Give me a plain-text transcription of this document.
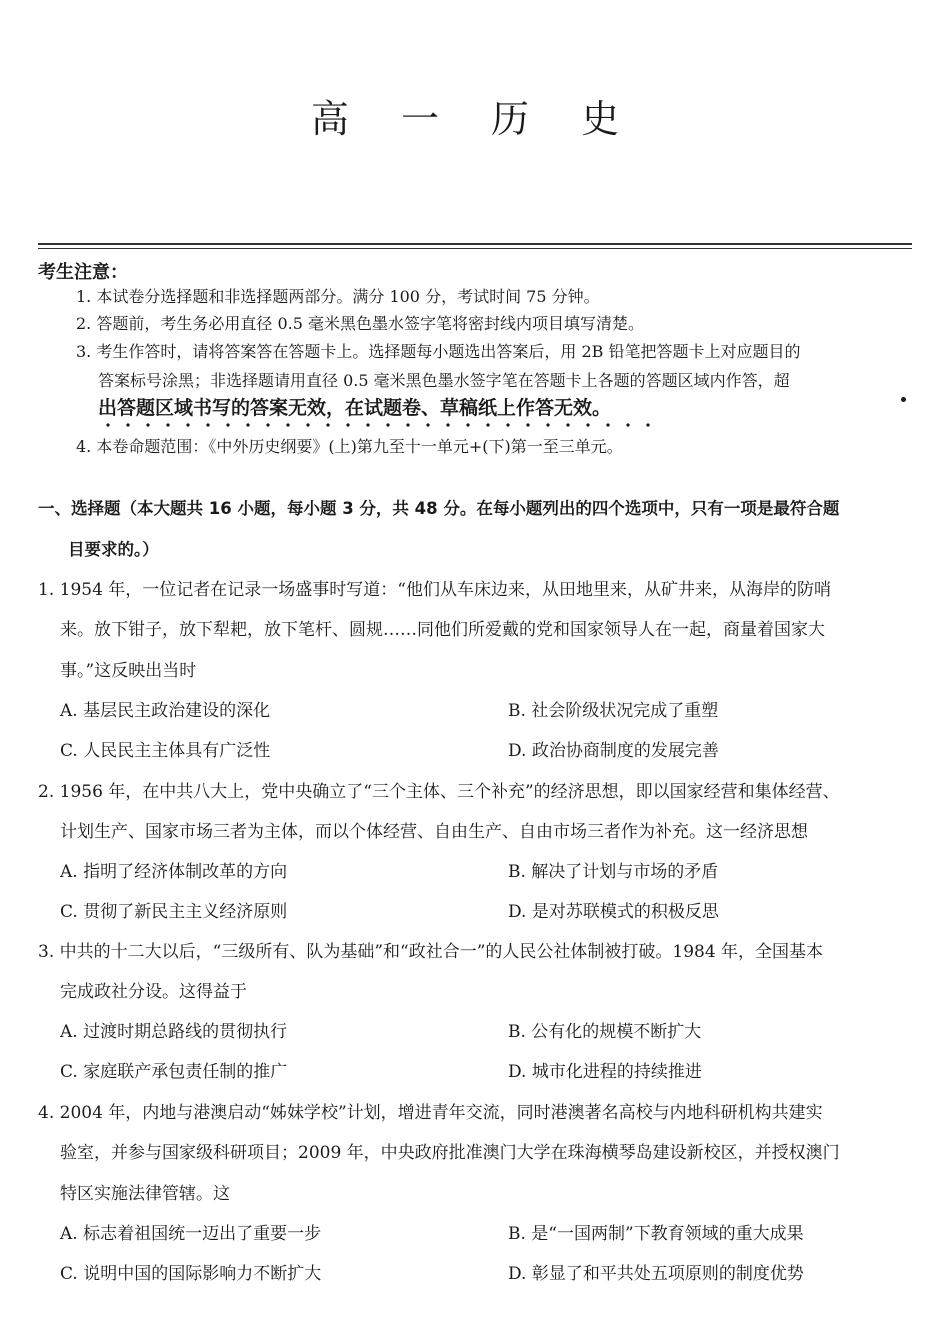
高 一 历 史
考生注意：
1. 本试卷分选择题和非选择题两部分。满分 100 分，考试时间 75 分钟。
2. 答题前，考生务必用直径 0.5 毫米黑色墨水签字笔将密封线内项目填写清楚。
3. 考生作答时，请将答案答在答题卡上。选择题每小题选出答案后，用 2B 铅笔把答题卡上对应题目的
答案标号涂黑；非选择题请用直径 0.5 毫米黑色墨水签字笔在答题卡上各题的答题区域内作答，超
出答题区域书写的答案无效，在试题卷、草稿纸上作答无效。
4. 本卷命题范围：《中外历史纲要》(上)第九至十一单元+(下)第一至三单元。
一、选择题（本大题共 16 小题，每小题 3 分，共 48 分。在每小题列出的四个选项中，只有一项是最符合题
目要求的。）
1. 1954 年，一位记者在记录一场盛事时写道：“他们从车床边来，从田地里来，从矿井来，从海岸的防哨
来。放下钳子，放下犁耙，放下笔杆、圆规……同他们所爱戴的党和国家领导人在一起，商量着国家大
事。”这反映出当时
A. 基层民主政治建设的深化	B. 社会阶级状况完成了重塑
C. 人民民主主体具有广泛性	D. 政治协商制度的发展完善
2. 1956 年，在中共八大上，党中央确立了“三个主体、三个补充”的经济思想，即以国家经营和集体经营、
计划生产、国家市场三者为主体，而以个体经营、自由生产、自由市场三者作为补充。这一经济思想
A. 指明了经济体制改革的方向	B. 解决了计划与市场的矛盾
C. 贯彻了新民主主义经济原则	D. 是对苏联模式的积极反思
3. 中共的十二大以后，“三级所有、队为基础”和“政社合一”的人民公社体制被打破。1984 年，全国基本
完成政社分设。这得益于
A. 过渡时期总路线的贯彻执行	B. 公有化的规模不断扩大
C. 家庭联产承包责任制的推广	D. 城市化进程的持续推进
4. 2004 年，内地与港澳启动“姊妹学校”计划，增进青年交流，同时港澳著名高校与内地科研机构共建实
验室，并参与国家级科研项目；2009 年，中央政府批准澳门大学在珠海横琴岛建设新校区，并授权澳门
特区实施法律管辖。这
A. 标志着祖国统一迈出了重要一步	B. 是“一国两制”下教育领域的重大成果
C. 说明中国的国际影响力不断扩大	D. 彰显了和平共处五项原则的制度优势
